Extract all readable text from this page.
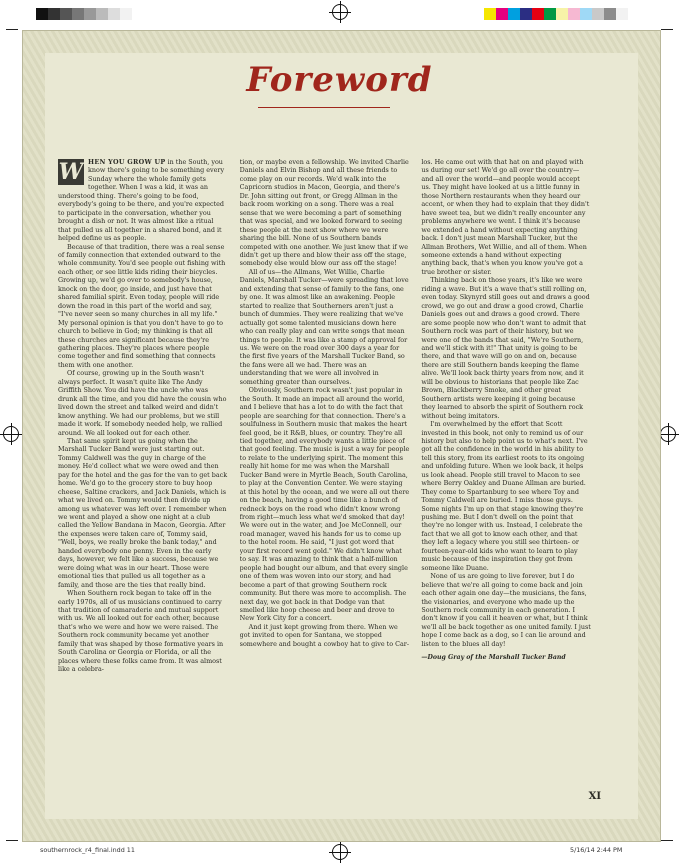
Foreword

W HEN YOU GROW UP in the South, you know there's going to be something every Sunday where the whole family gets together. When I was a kid, it was an understood thing. There's going to be food, everybody's going to be there, and you're expected to participate in the conversation, whether you brought a dish or not. It was almost like a ritual that pulled us all together in a shared bond, and it helped define us as people.

Because of that tradition, there was a real sense of family connection that extended outward to the whole community. You'd see people out fishing with each other, or see little kids riding their bicycles. Growing up, we'd go over to somebody's house, knock on the door, go inside, and just have that shared familial spirit. Even today, people will ride down the road in this part of the world and say, "I've never seen so many churches in all my life." My personal opinion is that you don't have to go to church to believe in God; my thinking is that all these churches are significant because they're gathering places. They're places where people come together and find something that connects them with one another.

Of course, growing up in the South wasn't always perfect. It wasn't quite like The Andy Griffith Show. You did have the uncle who was drunk all the time, and you did have the cousin who lived down the street and talked weird and didn't know anything. We had our problems, but we still made it work. If somebody needed help, we rallied around. We all looked out for each other.

That same spirit kept us going when the Marshall Tucker Band were just starting out. Tommy Caldwell was the guy in charge of the money. He'd collect what we were owed and then pay for the hotel and the gas for the van to get back home. We'd go to the grocery store to buy hoop cheese, Saltine crackers, and Jack Daniels, which is what we lived on. Tommy would then divide up among us whatever was left over. I remember when we went and played a show one night at a club called the Yellow Bandana in Macon, Georgia. After the expenses were taken care of, Tommy said, "Well, boys, we really broke the bank today," and handed everybody one penny. Even in the early days, however, we felt like a success, because we were doing what was in our heart. Those were emotional ties that pulled us all together as a family, and those are the ties that really bind.

When Southern rock began to take off in the early 1970s, all of us musicians continued to carry that tradition of camaraderie and mutual support with us. We all looked out for each other, because that's who we were and how we were raised. The Southern rock community became yet another family that was shaped by those formative years in South Carolina or Georgia or Florida, or all the places where these folks came from. It was almost like a celebra-

tion, or maybe even a fellowship. We invited Charlie Daniels and Elvin Bishop and all these friends to come play on our records. We'd walk into the Capricorn studios in Macon, Georgia, and there's Dr. John sitting out front, or Gregg Allman in the back room working on a song. There was a real sense that we were becoming a part of something that was special, and we looked forward to seeing these people at the next show where we were sharing the bill. None of us Southern bands competed with one another. We just knew that if we didn't get up there and blow their ass off the stage, somebody else would blow our ass off the stage!

All of us—the Allmans, Wet Willie, Charlie Daniels, Marshall Tucker—were spreading that love and extending that sense of family to the fans, one by one. It was almost like an awakening. People started to realize that Southerners aren't just a bunch of dummies. They were realizing that we've actually got some talented musicians down here who can really play and can write songs that mean things to people. It was like a stamp of approval for us. We were on the road over 300 days a year for the first five years of the Marshall Tucker Band, so the fans were all we had. There was an understanding that we were all involved in something greater than ourselves.

Obviously, Southern rock wasn't just popular in the South. It made an impact all around the world, and I believe that has a lot to do with the fact that people are searching for that connection. There's a soulfulness in Southern music that makes the heart feel good, be it R&B, blues, or country. They're all tied together, and everybody wants a little piece of that good feeling. The music is just a way for people to relate to the underlying spirit. The moment this really hit home for me was when the Marshall Tucker Band were in Myrtle Beach, South Carolina, to play at the Convention Center. We were staying at this hotel by the ocean, and we were all out there on the beach, having a good time like a bunch of redneck boys on the road who didn't know wrong from right—much less what we'd smoked that day! We were out in the water, and Joe McConnell, our road manager, waved his hands for us to come up to the hotel room. He said, "I just got word that your first record went gold." We didn't know what to say. It was amazing to think that a half-million people had bought our album, and that every single one of them was woven into our story, and had become a part of that growing Southern rock community. But there was more to accomplish. The next day, we got back in that Dodge van that smelled like hoop cheese and beer and drove to New York City for a concert.

And it just kept growing from there. When we got invited to open for Santana, we stopped somewhere and bought a cowboy hat to give to Car-

los. He came out with that hat on and played with us during our set! We'd go all over the country—and all over the world—and people would accept us. They might have looked at us a little funny in those Northern restaurants when they heard our accent, or when they had to explain that they didn't have sweet tea, but we didn't really encounter any problems anywhere we went. I think it's because we extended a hand without expecting anything back. I don't just mean Marshall Tucker, but the Allman Brothers, Wet Willie, and all of them. When someone extends a hand without expecting anything back, that's when you know you've got a true brother or sister.

Thinking back on those years, it's like we were riding a wave. But it's a wave that's still rolling on, even today. Skynyrd still goes out and draws a good crowd, we go out and draw a good crowd, Charlie Daniels goes out and draws a good crowd. There are some people now who don't want to admit that Southern rock was part of their history, but we were one of the bands that said, "We're Southern, and we'll stick with it!" That unity is going to be there, and that wave will go on and on, because there are still Southern bands keeping the flame alive. We'll look back thirty years from now, and it will be obvious to historians that people like Zac Brown, Blackberry Smoke, and other great Southern artists were keeping it going because they learned to absorb the spirit of Southern rock without being imitators.

I'm overwhelmed by the effort that Scott invested in this book, not only to remind us of our history but also to help point us to what's next. I've got all the confidence in the world in his ability to tell this story, from its earliest roots to its ongoing and unfolding future. When we look back, it helps us look ahead. People still travel to Macon to see where Berry Oakley and Duane Allman are buried. They come to Spartanburg to see where Toy and Tommy Caldwell are buried. I miss those guys. Some nights I'm up on that stage knowing they're pushing me. But I don't dwell on the point that they're no longer with us. Instead, I celebrate the fact that we all got to know each other, and that they left a legacy where you still see thirteen- or fourteen-year-old kids who want to learn to play music because of the inspiration they got from someone like Duane.

None of us are going to live forever, but I do believe that we're all going to come back and join each other again one day—the musicians, the fans, the visionaries, and everyone who made up the Southern rock community in each generation. I don't know if you call it heaven or what, but I think we'll all be back together as one united family. I just hope I come back as a dog, so I can lie around and listen to the blues all day!

—Doug Gray of the Marshall Tucker Band
XI
southernrock_r4_final.indd 11	5/16/14 2:44 PM
